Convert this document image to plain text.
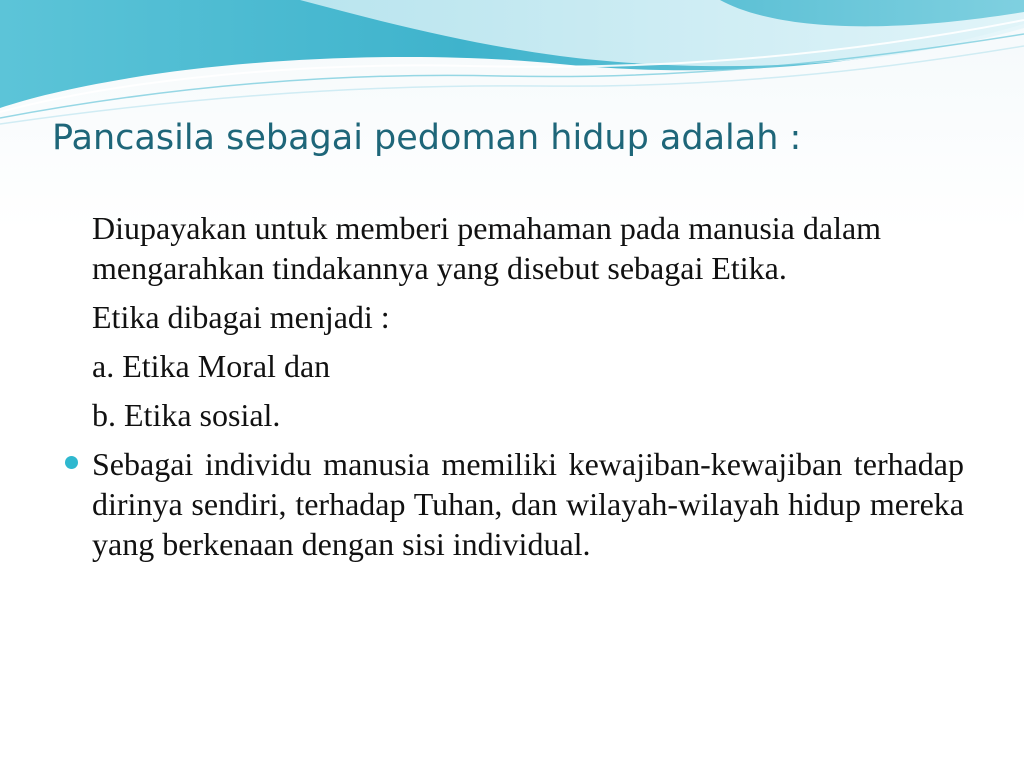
Pancasila sebagai pedoman hidup adalah :

Diupayakan untuk memberi pemahaman pada manusia dalam mengarahkan tindakannya yang disebut sebagai Etika.

Etika dibagai menjadi :

a. Etika Moral dan

b. Etika sosial.

Sebagai individu manusia memiliki kewajiban-kewajiban terhadap dirinya sendiri, terhadap Tuhan, dan wilayah-wilayah hidup mereka yang berkenaan dengan sisi individual.
